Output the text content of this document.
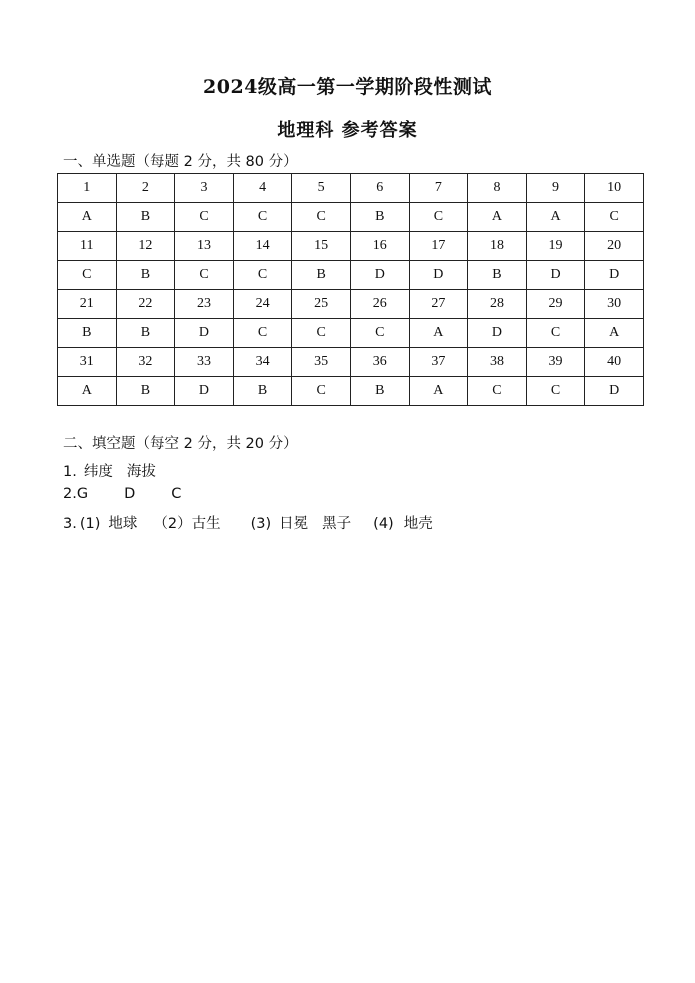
2024级高一第一学期阶段性测试
地理科 参考答案
一、单选题（每题 2 分，共 80 分）
1	2	3	4	5	6	7	8	9	10
A	B	C	C	C	B	C	A	A	C
11	12	13	14	15	16	17	18	19	20
C	B	C	C	B	D	D	B	D	D
21	22	23	24	25	26	27	28	29	30
B	B	D	C	C	C	A	D	C	A
31	32	33	34	35	36	37	38	39	40
A	B	D	B	C	B	A	C	C	D
二、填空题（每空 2 分，共 20 分）
1. 纬度 海拔
2.G D C
3. (1) 地球 （2）古生 (3) 日冕 黑子 (4) 地壳
